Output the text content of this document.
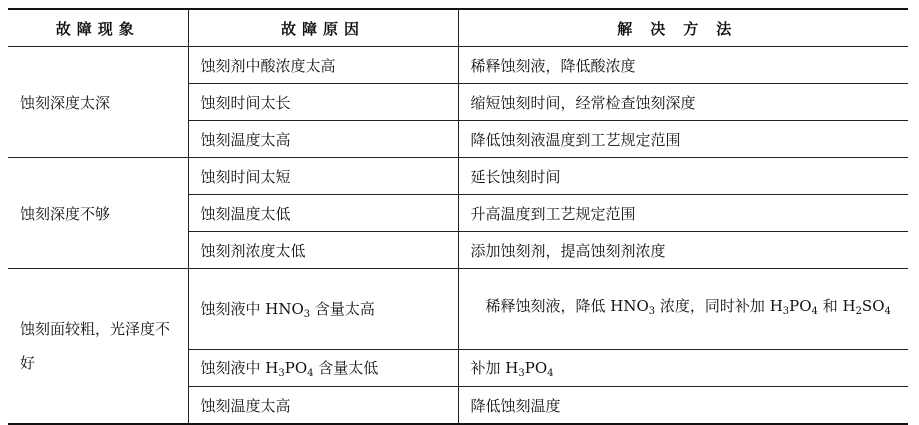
故障现象	故障原因	解决方法
蚀刻深度太深	蚀刻剂中酸浓度太高	稀释蚀刻液，降低酸浓度
	蚀刻时间太长	缩短蚀刻时间，经常检查蚀刻深度
	蚀刻温度太高	降低蚀刻液温度到工艺规定范围
蚀刻深度不够	蚀刻时间太短	延长蚀刻时间
	蚀刻温度太低	升高温度到工艺规定范围
	蚀刻剂浓度太低	添加蚀刻剂，提高蚀刻剂浓度
蚀刻面较粗，光泽度不好	蚀刻液中 $HNO_3$ 含量太高	 稀释蚀刻液，降低 $HNO_3$ 浓度，同时补加 $H_3PO_4$ 和 $H_2SO_4$
	蚀刻液中 $H_3PO_4$ 含量太低	补加 $H_3PO_4$
	蚀刻温度太高	降低蚀刻温度
